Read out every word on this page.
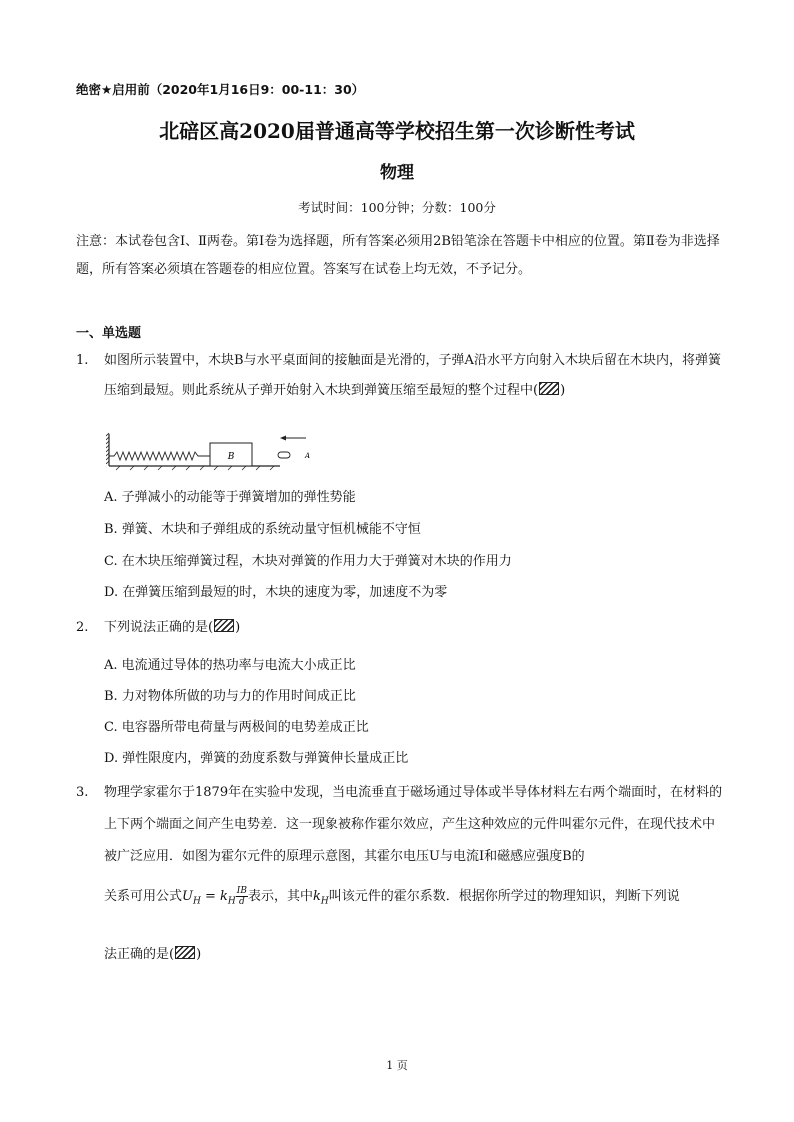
绝密★启用前（2020年1月16日9：00-11：30）
北碚区高2020届普通高等学校招生第一次诊断性考试
物理
考试时间：100分钟；分数：100分
注意：本试卷包含Ⅰ、Ⅱ两卷。第Ⅰ卷为选择题，所有答案必须用2B铅笔涂在答题卡中相应的位置。第Ⅱ卷为非选择题，所有答案必须填在答题卷的相应位置。答案写在试卷上均无效，不予记分。
一、单选题
1. 如图所示装置中，木块B与水平桌面间的接触面是光滑的，子弹A沿水平方向射入木块后留在木块内，将弹簧压缩到最短。则此系统从子弹开始射入木块到弹簧压缩至最短的整个过程中( )
B	A
A. 子弹减小的动能等于弹簧增加的弹性势能
B. 弹簧、木块和子弹组成的系统动量守恒机械能不守恒
C. 在木块压缩弹簧过程，木块对弹簧的作用力大于弹簧对木块的作用力
D. 在弹簧压缩到最短的时，木块的速度为零，加速度不为零
2. 下列说法正确的是( )
A. 电流通过导体的热功率与电流大小成正比
B. 力对物体所做的功与力的作用时间成正比
C. 电容器所带电荷量与两极间的电势差成正比
D. 弹性限度内，弹簧的劲度系数与弹簧伸长量成正比
3. 物理学家霍尔于1879年在实验中发现，当电流垂直于磁场通过导体或半导体材料左右两个端面时，在材料的上下两个端面之间产生电势差．这一现象被称作霍尔效应，产生这种效应的元件叫霍尔元件，在现代技术中被广泛应用．如图为霍尔元件的原理示意图，其霍尔电压U与电流I和磁感应强度B的
关系可用公式$U_H = k_H \frac{IB}{d}$ 表示，其中$k_H$叫该元件的霍尔系数．根据你所学过的物理知识，判断下列说
法正确的是( )
1 页
